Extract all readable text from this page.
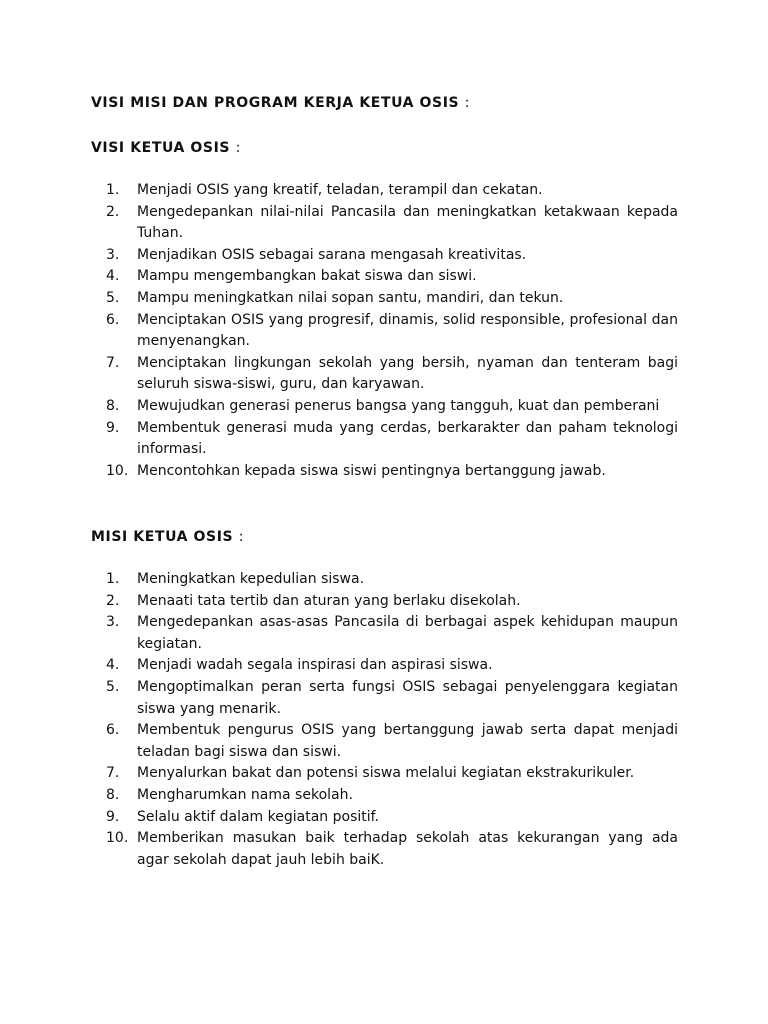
VISI MISI DAN PROGRAM KERJA KETUA OSIS :
VISI KETUA OSIS :
1.	Menjadi OSIS yang kreatif, teladan, terampil dan cekatan.
2.	Mengedepankan nilai-nilai Pancasila dan meningkatkan ketakwaan kepada Tuhan.
3.	Menjadikan OSIS sebagai sarana mengasah kreativitas.
4.	Mampu mengembangkan bakat siswa dan siswi.
5.	Mampu meningkatkan nilai sopan santu, mandiri, dan tekun.
6.	Menciptakan OSIS yang progresif, dinamis, solid responsible, profesional dan menyenangkan.
7.	Menciptakan lingkungan sekolah yang bersih, nyaman dan tenteram bagi seluruh siswa-siswi, guru, dan karyawan.
8.	Mewujudkan generasi penerus bangsa yang tangguh, kuat dan pemberani
9.	Membentuk generasi muda yang cerdas, berkarakter dan paham teknologi informasi.
10. Mencontohkan kepada siswa siswi pentingnya bertanggung jawab.
MISI KETUA OSIS :
1.	Meningkatkan kepedulian siswa.
2.	Menaati tata tertib dan aturan yang berlaku disekolah.
3.	Mengedepankan asas-asas Pancasila di berbagai aspek kehidupan maupun kegiatan.
4.	Menjadi wadah segala inspirasi dan aspirasi siswa.
5.	Mengoptimalkan peran serta fungsi OSIS sebagai penyelenggara kegiatan siswa yang menarik.
6.	Membentuk pengurus OSIS yang bertanggung jawab serta dapat menjadi teladan bagi siswa dan siswi.
7.	Menyalurkan bakat dan potensi siswa melalui kegiatan ekstrakurikuler.
8.	Mengharumkan nama sekolah.
9.	Selalu aktif dalam kegiatan positif.
10. Memberikan masukan baik terhadap sekolah atas kekurangan yang ada agar sekolah dapat jauh lebih baiK.
